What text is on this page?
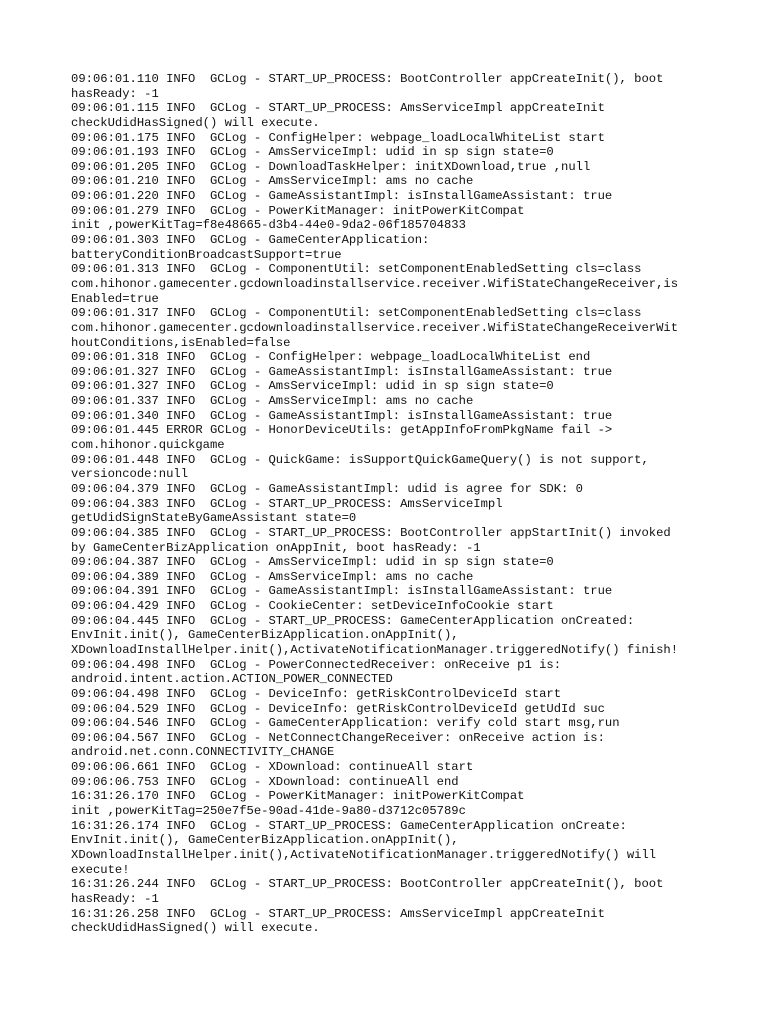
09:06:01.110 INFO  GCLog - START_UP_PROCESS: BootController appCreateInit(), boot
hasReady: -1
09:06:01.115 INFO  GCLog - START_UP_PROCESS: AmsServiceImpl appCreateInit
checkUdidHasSigned() will execute.
09:06:01.175 INFO  GCLog - ConfigHelper: webpage_loadLocalWhiteList start
09:06:01.193 INFO  GCLog - AmsServiceImpl: udid in sp sign state=0
09:06:01.205 INFO  GCLog - DownloadTaskHelper: initXDownload,true ,null
09:06:01.210 INFO  GCLog - AmsServiceImpl: ams no cache
09:06:01.220 INFO  GCLog - GameAssistantImpl: isInstallGameAssistant: true
09:06:01.279 INFO  GCLog - PowerKitManager: initPowerKitCompat
init ,powerKitTag=f8e48665-d3b4-44e0-9da2-06f185704833
09:06:01.303 INFO  GCLog - GameCenterApplication:
batteryConditionBroadcastSupport=true
09:06:01.313 INFO  GCLog - ComponentUtil: setComponentEnabledSetting cls=class
com.hihonor.gamecenter.gcdownloadinstallservice.receiver.WifiStateChangeReceiver,is
Enabled=true
09:06:01.317 INFO  GCLog - ComponentUtil: setComponentEnabledSetting cls=class
com.hihonor.gamecenter.gcdownloadinstallservice.receiver.WifiStateChangeReceiverWit
houtConditions,isEnabled=false
09:06:01.318 INFO  GCLog - ConfigHelper: webpage_loadLocalWhiteList end
09:06:01.327 INFO  GCLog - GameAssistantImpl: isInstallGameAssistant: true
09:06:01.327 INFO  GCLog - AmsServiceImpl: udid in sp sign state=0
09:06:01.337 INFO  GCLog - AmsServiceImpl: ams no cache
09:06:01.340 INFO  GCLog - GameAssistantImpl: isInstallGameAssistant: true
09:06:01.445 ERROR GCLog - HonorDeviceUtils: getAppInfoFromPkgName fail ->
com.hihonor.quickgame
09:06:01.448 INFO  GCLog - QuickGame: isSupportQuickGameQuery() is not support,
versioncode:null
09:06:04.379 INFO  GCLog - GameAssistantImpl: udid is agree for SDK: 0
09:06:04.383 INFO  GCLog - START_UP_PROCESS: AmsServiceImpl
getUdidSignStateByGameAssistant state=0
09:06:04.385 INFO  GCLog - START_UP_PROCESS: BootController appStartInit() invoked
by GameCenterBizApplication onAppInit, boot hasReady: -1
09:06:04.387 INFO  GCLog - AmsServiceImpl: udid in sp sign state=0
09:06:04.389 INFO  GCLog - AmsServiceImpl: ams no cache
09:06:04.391 INFO  GCLog - GameAssistantImpl: isInstallGameAssistant: true
09:06:04.429 INFO  GCLog - CookieCenter: setDeviceInfoCookie start
09:06:04.445 INFO  GCLog - START_UP_PROCESS: GameCenterApplication onCreated:
EnvInit.init(), GameCenterBizApplication.onAppInit(),
XDownloadInstallHelper.init(),ActivateNotificationManager.triggeredNotify() finish!
09:06:04.498 INFO  GCLog - PowerConnectedReceiver: onReceive p1 is:
android.intent.action.ACTION_POWER_CONNECTED
09:06:04.498 INFO  GCLog - DeviceInfo: getRiskControlDeviceId start
09:06:04.529 INFO  GCLog - DeviceInfo: getRiskControlDeviceId getUdId suc
09:06:04.546 INFO  GCLog - GameCenterApplication: verify cold start msg,run
09:06:04.567 INFO  GCLog - NetConnectChangeReceiver: onReceive action is:
android.net.conn.CONNECTIVITY_CHANGE
09:06:06.661 INFO  GCLog - XDownload: continueAll start
09:06:06.753 INFO  GCLog - XDownload: continueAll end
16:31:26.170 INFO  GCLog - PowerKitManager: initPowerKitCompat
init ,powerKitTag=250e7f5e-90ad-41de-9a80-d3712c05789c
16:31:26.174 INFO  GCLog - START_UP_PROCESS: GameCenterApplication onCreate:
EnvInit.init(), GameCenterBizApplication.onAppInit(),
XDownloadInstallHelper.init(),ActivateNotificationManager.triggeredNotify() will
execute!
16:31:26.244 INFO  GCLog - START_UP_PROCESS: BootController appCreateInit(), boot
hasReady: -1
16:31:26.258 INFO  GCLog - START_UP_PROCESS: AmsServiceImpl appCreateInit
checkUdidHasSigned() will execute.
